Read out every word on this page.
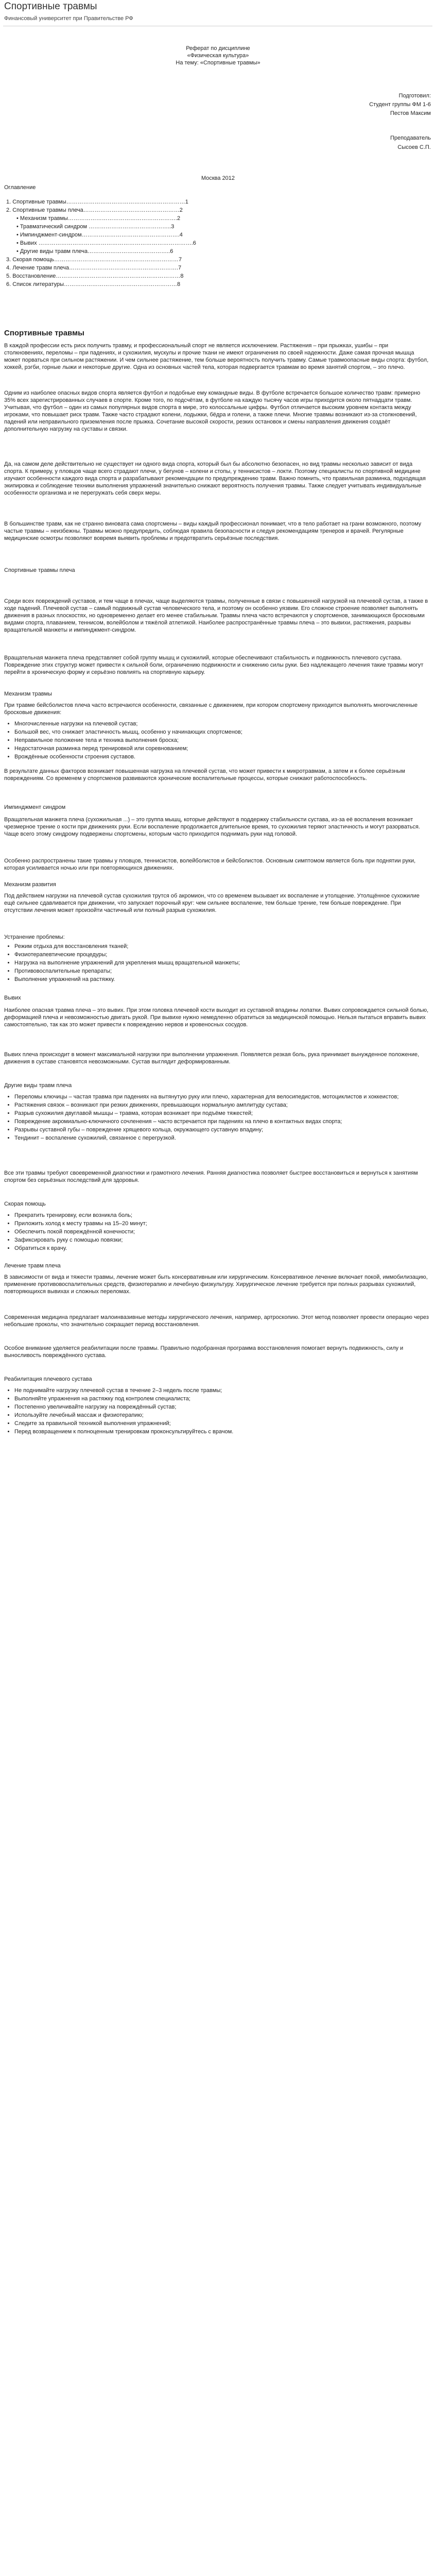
Спортивные травмы
Финансовый университет при Правительстве РФ
Реферат по дисциплине
«Физическая культура»
На тему: «Спортивные травмы»
Подготовил:
Студент группы ФМ 1-6
Пестов Максим
Преподаватель
Сысоев С.П.
Москва 2012
Оглавление
1. Спортивные травмы………………………………………………………1
2. Спортивные травмы плеча……………………………………………2
• Механизм травмы………………………………………………….2
• Травматический синдром ……………………………………..3
• Импинджмент-синдром…………………………………………….4
• Вывих ……………………………………………………………………….6
• Другие виды травм плеча……………………………………..6
3. Скорая помощь…………………………………………………………7
4. Лечение травм плеча………………………………………………….7
5. Восстановление…………………………………………………………8
6. Список литературы……………………………………………………8
Спортивные травмы
В каждой профессии есть риск получить травму, и профессиональный спорт не является исключением. Растяжения – при прыжках, ушибы – при столкновениях, переломы – при падениях, и сухожилия, мускулы и прочие ткани не имеют ограничения по своей надежности. Даже самая прочная мышца может порваться при сильном растяжении. И чем сильнее растяжение, тем больше вероятность получить травму. Самые травмоопасные виды спорта: футбол, хоккей, рэгби, горные лыжи и некоторые другие. Одна из основных частей тела, которая подвергается травмам во время занятий спортом, – это плечо.
Одним из наиболее опасных видов спорта является футбол и подобные ему командные виды. В футболе встречается большое количество травм: примерно 35% всех зарегистрированных случаев в спорте. Кроме того, по подсчётам, в футболе на каждую тысячу часов игры приходится около пятнадцати травм. Учитывая, что футбол – один из самых популярных видов спорта в мире, это колоссальные цифры. Футбол отличается высоким уровнем контакта между игроками, что повышает риск травм. Также часто страдают колени, лодыжки, бёдра и голени, а также плечи. Многие травмы возникают из-за столкновений, падений или неправильного приземления после прыжка. Сочетание высокой скорости, резких остановок и смены направления движения создаёт дополнительную нагрузку на суставы и связки.
Да, на самом деле действительно не существует ни одного вида спорта, который был бы абсолютно безопасен, но вид травмы несколько зависит от вида спорта. К примеру, у пловцов чаще всего страдают плечи, у бегунов – колени и стопы, у теннисистов – локти. Поэтому специалисты по спортивной медицине изучают особенности каждого вида спорта и разрабатывают рекомендации по предупреждению травм. Важно помнить, что правильная разминка, подходящая экипировка и соблюдение техники выполнения упражнений значительно снижают вероятность получения травмы. Также следует учитывать индивидуальные особенности организма и не перегружать себя сверх меры.
В большинстве травм, как не странно виновата сама спортсмены – виды каждый профессионал понимает, что в тело работает на грани возможного, поэтому частые травмы – неизбежны. Травмы можно предупредить, соблюдая правила безопасности и следуя рекомендациям тренеров и врачей. Регулярные медицинские осмотры позволяют вовремя выявить проблемы и предотвратить серьёзные последствия.
Спортивные травмы плеча
Среди всех повреждений суставов, и тем чаще в плечах, чаще выделяются травмы, полученные в связи с повышенной нагрузкой на плечевой сустав, а также в ходе падений. Плечевой сустав – самый подвижный сустав человеческого тела, и поэтому он особенно уязвим. Его сложное строение позволяет выполнять движения в разных плоскостях, но одновременно делает его менее стабильным. Травмы плеча часто встречаются у спортсменов, занимающихся бросковыми видами спорта, плаванием, теннисом, волейболом и тяжёлой атлетикой. Наиболее распространённые травмы плеча – это вывихи, растяжения, разрывы вращательной манжеты и импинджмент-синдром.
Вращательная манжета плеча представляет собой группу мышц и сухожилий, которые обеспечивают стабильность и подвижность плечевого сустава. Повреждение этих структур может привести к сильной боли, ограничению подвижности и снижению силы руки. Без надлежащего лечения такие травмы могут перейти в хроническую форму и серьёзно повлиять на спортивную карьеру.
Механизм травмы
При травме бейсболистов плеча часто встречаются особенности, связанные с движением, при котором спортсмену приходится выполнять многочисленные бросковые движения:
• Многочисленные нагрузки на плечевой сустав;
• Большой вес, что снижает эластичность мышц, особенно у начинающих спортсменов;
• Неправильное положение тела и техника выполнения броска;
• Недостаточная разминка перед тренировкой или соревнованием;
• Врождённые особенности строения суставов.
В результате данных факторов возникает повышенная нагрузка на плечевой сустав, что может привести к микротравмам, а затем и к более серьёзным повреждениям. Со временем у спортсменов развиваются хронические воспалительные процессы, которые снижают работоспособность.
Импинджмент синдром
Вращательная манжета плеча (сухожильная ...) – это группа мышц, которые действуют в поддержку стабильности сустава, из-за её воспаления возникает чрезмерное трение о кости при движениях руки. Если воспаление продолжается длительное время, то сухожилия теряют эластичность и могут разорваться. Чаще всего этому синдрому подвержены спортсмены, которым часто приходится поднимать руки над головой.
Особенно распространены такие травмы у пловцов, теннисистов, волейболистов и бейсболистов. Основным симптомом является боль при поднятии руки, которая усиливается ночью или при повторяющихся движениях.
Механизм развития
Под действием нагрузки на плечевой сустав сухожилия трутся об акромион, что со временем вызывает их воспаление и утолщение. Утолщённое сухожилие ещё сильнее сдавливается при движении, что запускает порочный круг: чем сильнее воспаление, тем больше трение, тем больше повреждение. При отсутствии лечения может произойти частичный или полный разрыв сухожилия.
Устранение проблемы:
• Режим отдыха для восстановления тканей;
• Физиотерапевтические процедуры;
• Нагрузка на выполнение упражнений для укрепления мышц вращательной манжеты;
• Противовоспалительные препараты;
• Выполнение упражнений на растяжку.
Вывих
Наиболее опасная травма плеча – это вывих. При этом головка плечевой кости выходит из суставной впадины лопатки. Вывих сопровождается сильной болью, деформацией плеча и невозможностью двигать рукой. При вывихе нужно немедленно обратиться за медицинской помощью. Нельзя пытаться вправить вывих самостоятельно, так как это может привести к повреждению нервов и кровеносных сосудов.
Вывих плеча происходит в момент максимальной нагрузки при выполнении упражнения. Появляется резкая боль, рука принимает вынужденное положение, движения в суставе становятся невозможными. Сустав выглядит деформированным.
Другие виды травм плеча
• Переломы ключицы – частая травма при падениях на вытянутую руку или плечо, характерная для велосипедистов, мотоциклистов и хоккеистов;
• Растяжения связок – возникают при резких движениях, превышающих нормальную амплитуду сустава;
• Разрыв сухожилия двуглавой мышцы – травма, которая возникает при подъёме тяжестей;
• Повреждение акромиально-ключичного сочленения – часто встречается при падениях на плечо в контактных видах спорта;
• Разрывы суставной губы – повреждение хрящевого кольца, окружающего суставную впадину;
• Тендинит – воспаление сухожилий, связанное с перегрузкой.
Все эти травмы требуют своевременной диагностики и грамотного лечения. Ранняя диагностика позволяет быстрее восстановиться и вернуться к занятиям спортом без серьёзных последствий для здоровья.
Скорая помощь
• Прекратить тренировку, если возникла боль;
• Приложить холод к месту травмы на 15–20 минут;
• Обеспечить покой повреждённой конечности;
• Зафиксировать руку с помощью повязки;
• Обратиться к врачу.
Лечение травм плеча
В зависимости от вида и тяжести травмы, лечение может быть консервативным или хирургическим. Консервативное лечение включает покой, иммобилизацию, применение противовоспалительных средств, физиотерапию и лечебную физкультуру. Хирургическое лечение требуется при полных разрывах сухожилий, повторяющихся вывихах и сложных переломах.
Современная медицина предлагает малоинвазивные методы хирургического лечения, например, артроскопию. Этот метод позволяет провести операцию через небольшие проколы, что значительно сокращает период восстановления.
Особое внимание уделяется реабилитации после травмы. Правильно подобранная программа восстановления помогает вернуть подвижность, силу и выносливость повреждённого сустава.
Реабилитация плечевого сустава
• Не поднимайте нагрузку плечевой сустав в течение 2–3 недель после травмы;
• Выполняйте упражнения на растяжку под контролем специалиста;
• Постепенно увеличивайте нагрузку на повреждённый сустав;
• Используйте лечебный массаж и физиотерапию;
• Следите за правильной техникой выполнения упражнений;
• Перед возвращением к полноценным тренировкам проконсультируйтесь с врачом.
